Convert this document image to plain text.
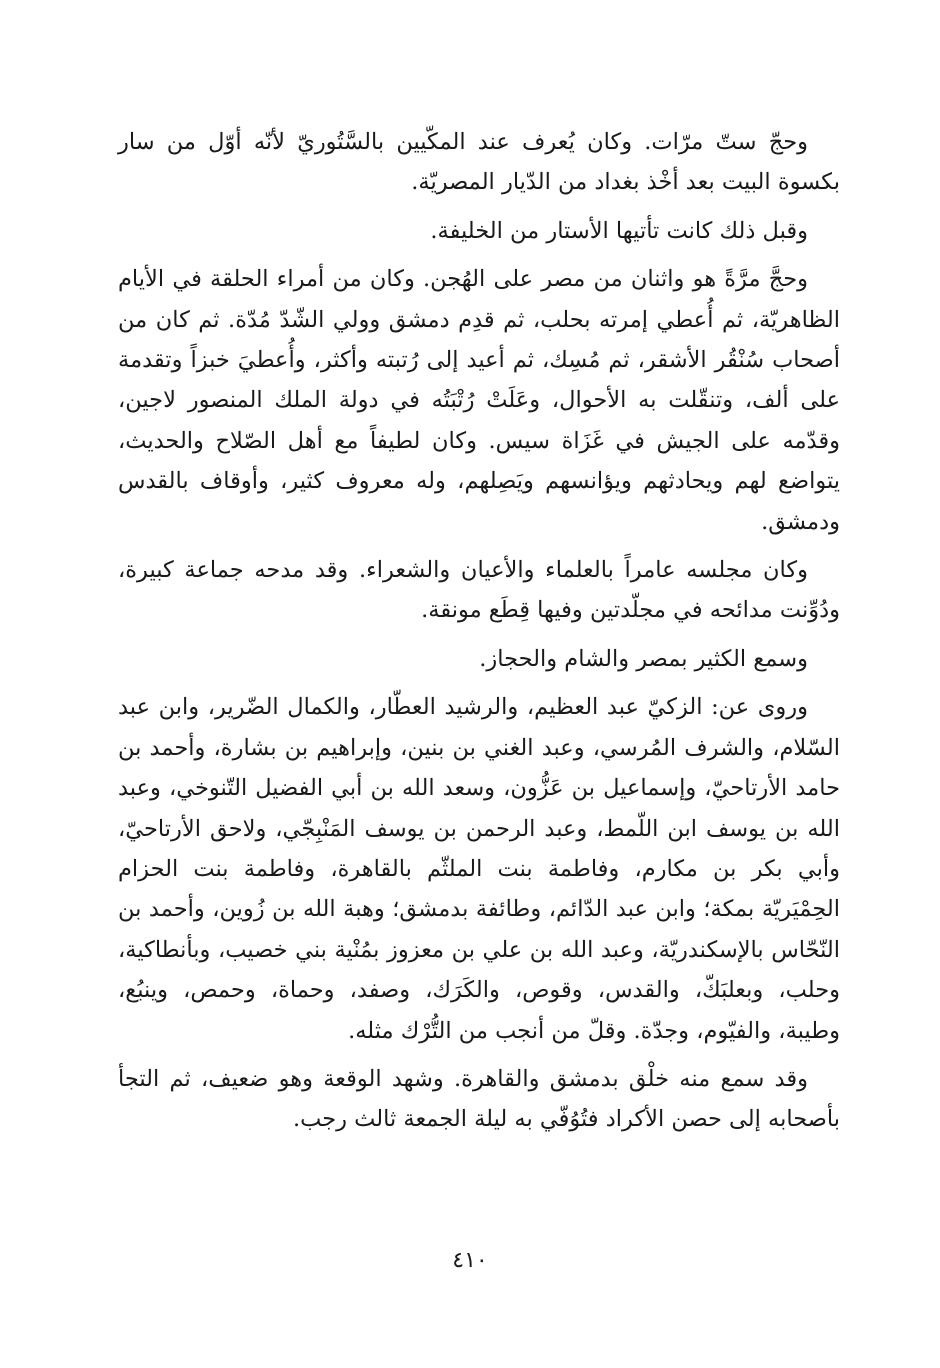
وحجّ ستّ مرّات. وكان يُعرف عند المكّيين بالسَّتُوريّ لأنّه أوّل من سار بكسوة البيت بعد أخْذ بغداد من الدّيار المصريّة.

وقبل ذلك كانت تأتيها الأستار من الخليفة.

وحجَّ مرَّةً هو واثنان من مصر على الهُجن. وكان من أمراء الحلقة في الأيام الظاهريّة، ثم أُعطي إمرته بحلب، ثم قدِم دمشق وولي الشّدّ مُدّة. ثم كان من أصحاب سُنْقُر الأشقر، ثم مُسِك، ثم أعيد إلى رُتبته وأكثر، وأُعطيَ خبزاً وتقدمة على ألف، وتنقّلت به الأحوال، وعَلَتْ رُتْبَتُه في دولة الملك المنصور لاجين، وقدّمه على الجيش في غَزَاة سيس. وكان لطيفاً مع أهل الصّلاح والحديث، يتواضع لهم ويحادثهم ويؤانسهم ويَصِلهم، وله معروف كثير، وأوقاف بالقدس ودمشق.

وكان مجلسه عامراً بالعلماء والأعيان والشعراء. وقد مدحه جماعة كبيرة، ودُوِّنت مدائحه في مجلّدتين وفيها قِطَع مونقة.

وسمع الكثير بمصر والشام والحجاز.

وروى عن: الزكيّ عبد العظيم، والرشيد العطّار، والكمال الضّرير، وابن عبد السّلام، والشرف المُرسي، وعبد الغني بن بنين، وإبراهيم بن بشارة، وأحمد بن حامد الأرتاحيّ، وإسماعيل بن عَزُّون، وسعد الله بن أبي الفضيل التّنوخي، وعبد الله بن يوسف ابن اللّمط، وعبد الرحمن بن يوسف المَنْبِجّي، ولاحق الأرتاحيّ، وأبي بكر بن مكارم، وفاطمة بنت الملثّم بالقاهرة، وفاطمة بنت الحزام الحِمْيَريّة بمكة؛ وابن عبد الدّائم، وطائفة بدمشق؛ وهبة الله بن زُوين، وأحمد بن النّحّاس بالإسكندريّة، وعبد الله بن علي بن معزوز بمُنْية بني خصيب، وبأنطاكية، وحلب، وبعلبَكّ، والقدس، وقوص، والكَرَك، وصفد، وحماة، وحمص، وينبُع، وطيبة، والفيّوم، وجدّة. وقلّ من أنجب من التُّرْك مثله.

وقد سمع منه خلْق بدمشق والقاهرة. وشهد الوقعة وهو ضعيف، ثم التجأ بأصحابه إلى حصن الأكراد فتُوُفّي به ليلة الجمعة ثالث رجب.

٤١٠
